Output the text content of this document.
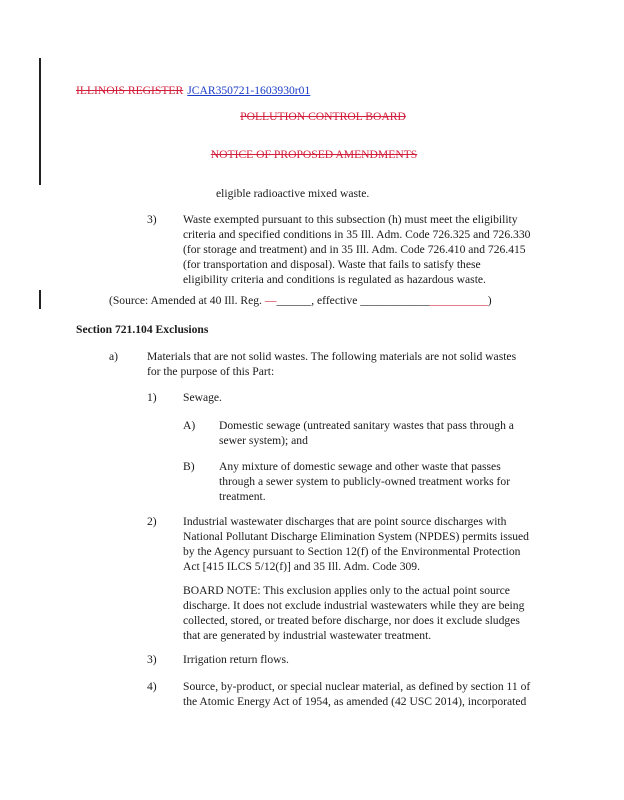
ILLINOIS REGISTER JCAR350721-1603930r01
POLLUTION CONTROL BOARD
NOTICE OF PROPOSED AMENDMENTS
eligible radioactive mixed waste.
3) Waste exempted pursuant to this subsection (h) must meet the eligibility
criteria and specified conditions in 35 Ill. Adm. Code 726.325 and 726.330
(for storage and treatment) and in 35 Ill. Adm. Code 726.410 and 726.415
(for transportation and disposal). Waste that fails to satisfy these
eligibility criteria and conditions is regulated as hazardous waste.
(Source: Amended at 40 Ill. Reg. —______, effective ______________________)
Section 721.104 Exclusions
a) Materials that are not solid wastes. The following materials are not solid wastes
for the purpose of this Part:
1) Sewage.
A) Domestic sewage (untreated sanitary wastes that pass through a
sewer system); and
B) Any mixture of domestic sewage and other waste that passes
through a sewer system to publicly-owned treatment works for
treatment.
2) Industrial wastewater discharges that are point source discharges with
National Pollutant Discharge Elimination System (NPDES) permits issued
by the Agency pursuant to Section 12(f) of the Environmental Protection
Act [415 ILCS 5/12(f)] and 35 Ill. Adm. Code 309.
BOARD NOTE: This exclusion applies only to the actual point source
discharge. It does not exclude industrial wastewaters while they are being
collected, stored, or treated before discharge, nor does it exclude sludges
that are generated by industrial wastewater treatment.
3) Irrigation return flows.
4) Source, by-product, or special nuclear material, as defined by section 11 of
the Atomic Energy Act of 1954, as amended (42 USC 2014), incorporated
